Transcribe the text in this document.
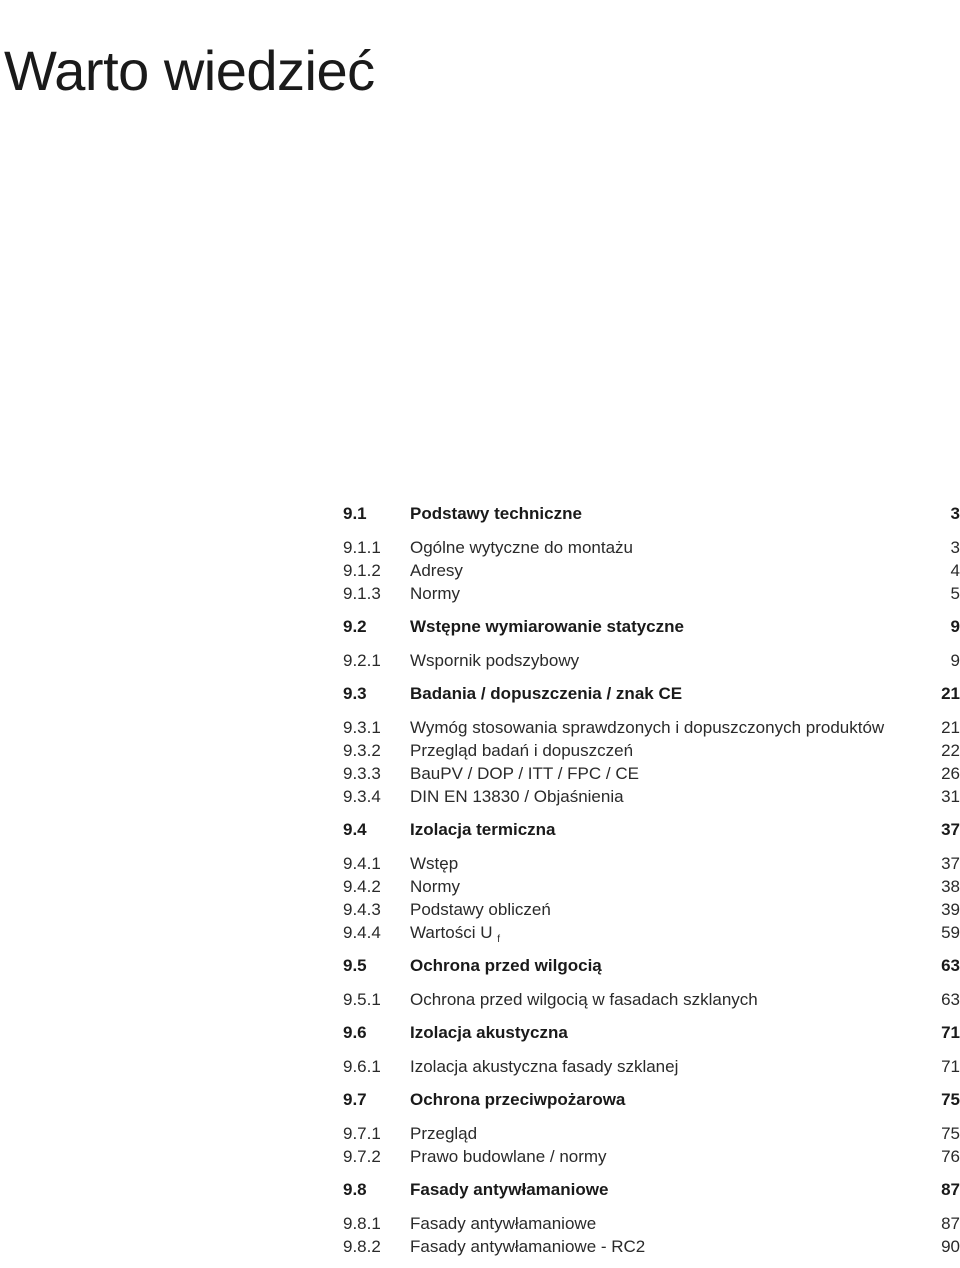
Warto wiedzieć
9.1	Podstawy techniczne	3
9.1.1	Ogólne wytyczne do montażu	3
9.1.2	Adresy	4
9.1.3	Normy	5
9.2	Wstępne wymiarowanie statyczne	9
9.2.1	Wspornik podszybowy	9
9.3	Badania / dopuszczenia / znak CE	21
9.3.1	Wymóg stosowania sprawdzonych i dopuszczonych produktów	21
9.3.2	Przegląd badań i dopuszczeń	22
9.3.3	BauPV / DOP / ITT / FPC / CE	26
9.3.4	DIN EN 13830 / Objaśnienia	31
9.4	Izolacja termiczna	37
9.4.1	Wstęp	37
9.4.2	Normy	38
9.4.3	Podstawy obliczeń	39
9.4.4	Wartości U $_f$	59
9.5	Ochrona przed wilgocią	63
9.5.1	Ochrona przed wilgocią w fasadach szklanych	63
9.6	Izolacja akustyczna	71
9.6.1	Izolacja akustyczna fasady szklanej	71
9.7	Ochrona przeciwpożarowa	75
9.7.1	Przegląd	75
9.7.2	Prawo budowlane / normy	76
9.8	Fasady antywłamaniowe	87
9.8.1	Fasady antywłamaniowe	87
9.8.2	Fasady antywłamaniowe - RC2	90
